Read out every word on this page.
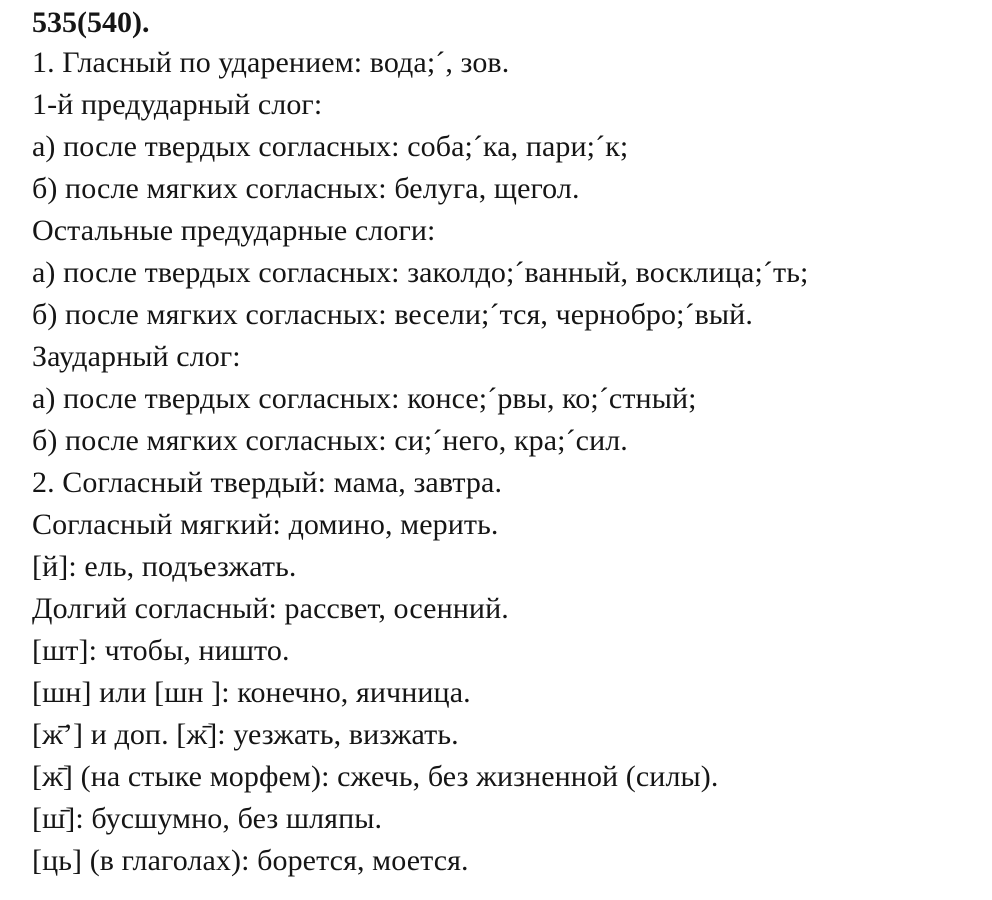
535(540).
1. Гласный по ударением: вода;´, зов.
1-й предударный слог:
а) после твердых согласных: соба;´ка, пари;´к;
б) после мягких согласных: белуга, щегол.
Остальные предударные слоги:
а) после твердых согласных: заколдо;´ванный, восклица;´ть;
б) после мягких согласных: весели;´тся, чернобро;´вый.
Заударный слог:
а) после твердых согласных: консе;´рвы, ко;´стный;
б) после мягких согласных: си;´него, кра;´сил.
2. Согласный твердый: мама, завтра.
Согласный мягкий: домино, мерить.
[й]: ель, подъезжать.
Долгий согласный: рассвет, осенний.
[шт]: чтобы, ништо.
[шн] или [шн ]: конечно, яичница.
[ж̄’] и доп. [ж̄]: уезжать, визжать.
[ж̄] (на стыке морфем): сжечь, без жизненной (силы).
[ш̄]: бусшумно, без шляпы.
[ць] (в глаголах): борется, моется.
